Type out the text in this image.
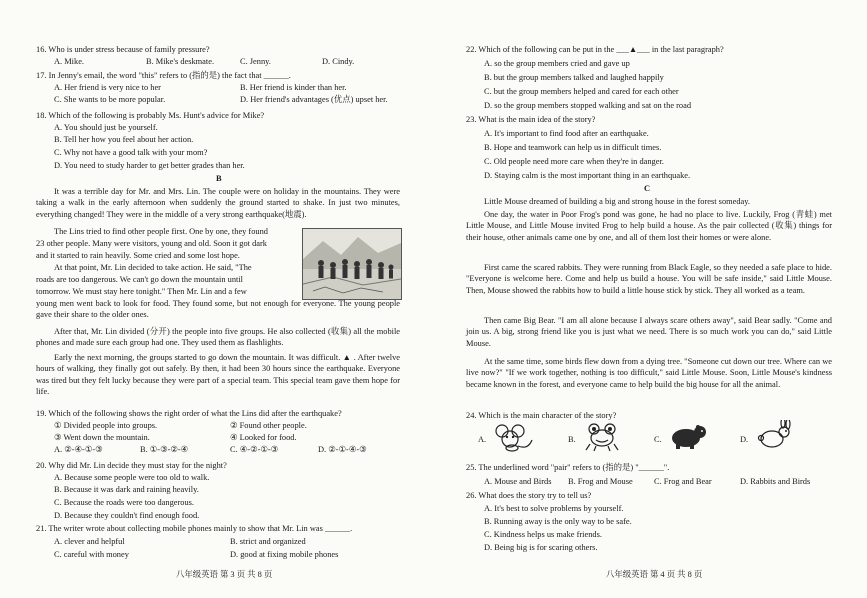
16. Who is under stress because of family pressure?
A. Mike.	B. Mike's deskmate.	C. Jenny.	D. Cindy.
17. In Jenny's email, the word "this" refers to (指的是) the fact that ______.
A. Her friend is very nice to her	B. Her friend is kinder than her.
C. She wants to be more popular.	D. Her friend's advantages (优点) upset her.
18. Which of the following is probably Ms. Hunt's advice for Mike?
A. You should just be yourself.
B. Tell her how you feel about her action.
C. Why not have a good talk with your mom?
D. You need to study harder to get better grades than her.
B
It was a terrible day for Mr. and Mrs. Lin. The couple were on holiday in the mountains. They were taking a walk in the early afternoon when suddenly the ground started to shake. In just two minutes, everything changed! They were in the middle of a very strong earthquake(地震).
The Lins tried to find other people first. One by one, they found
23 other people. Many were visitors, young and old. Soon it got dark
and it started to rain heavily. Some cried and some lost hope.
At that point, Mr. Lin decided to take action. He said, "The
roads are too dangerous. We can't go down the mountain until
tomorrow. We must stay here tonight." Then Mr. Lin and a few
young men went back to look for food. They found some, but not enough for everyone. The young people gave their share to the older ones.
After that, Mr. Lin divided (分开) the people into five groups. He also collected (收集) all the mobile phones and made sure each group had one. They used them as flashlights.
Early the next morning, the groups started to go down the mountain. It was difficult. ▲ . After twelve hours of walking, they finally got out safely. By then, it had been 30 hours since the earthquake. Everyone was tired but they felt lucky because they were part of a special team. This special team gave them hope for life.
19. Which of the following shows the right order of what the Lins did after the earthquake?
① Divided people into groups.	② Found other people.
③ Went down the mountain.	④ Looked for food.
A. ②-④-①-③	B. ①-③-②-④	C. ④-②-①-③	D. ②-①-④-③
20. Why did Mr. Lin decide they must stay for the night?
A. Because some people were too old to walk.
B. Because it was dark and raining heavily.
C. Because the roads were too dangerous.
D. Because they couldn't find enough food.
21. The writer wrote about collecting mobile phones mainly to show that Mr. Lin was ______.
A. clever and helpful	B. strict and organized
C. careful with money	D. good at fixing mobile phones
八年级英语 第 3 页 共 8 页
22. Which of the following can be put in the ___▲___ in the last paragraph?
A. so the group members cried and gave up
B. but the group members talked and laughed happily
C. but the group members helped and cared for each other
D. so the group members stopped walking and sat on the road
23. What is the main idea of the story?
A. It's important to find food after an earthquake.
B. Hope and teamwork can help us in difficult times.
C. Old people need more care when they're in danger.
D. Staying calm is the most important thing in an earthquake.
C
Little Mouse dreamed of building a big and strong house in the forest someday.
One day, the water in Poor Frog's pond was gone, he had no place to live. Luckily, Frog (青蛙) met Little Mouse, and Little Mouse invited Frog to help build a house. As the pair collected (收集) things for their house, other animals came one by one, and all of them lost their homes or were alone.
First came the scared rabbits. They were running from Black Eagle, so they needed a safe place to hide. "Everyone is welcome here. Come and help us build a house. You will be safe inside," said Little Mouse. Then, Mouse showed the rabbits how to build a little house stick by stick. They all worked as a team.
Then came Big Bear. "I am all alone because I always scare others away", said Bear sadly. "Come and join us. A big, strong friend like you is just what we need. There is so much work you can do," said Little Mouse.
At the same time, some birds flew down from a dying tree. "Someone cut down our tree. Where can we live now?" "If we work together, nothing is too difficult," said Little Mouse. Soon, Little Mouse's kindness became known in the forest, and everyone came to help build the big house for all the animal.
24. Which is the main character of the story?
A.	B.	C.	D.
25. The underlined word "pair" refers to (指的是) "______".
A. Mouse and Birds B. Frog and Mouse	C. Frog and Bear	D. Rabbits and Birds
26. What does the story try to tell us?
A. It's best to solve problems by yourself.
B. Running away is the only way to be safe.
C. Kindness helps us make friends.
D. Being big is for scaring others.
八年级英语 第 4 页 共 8 页
